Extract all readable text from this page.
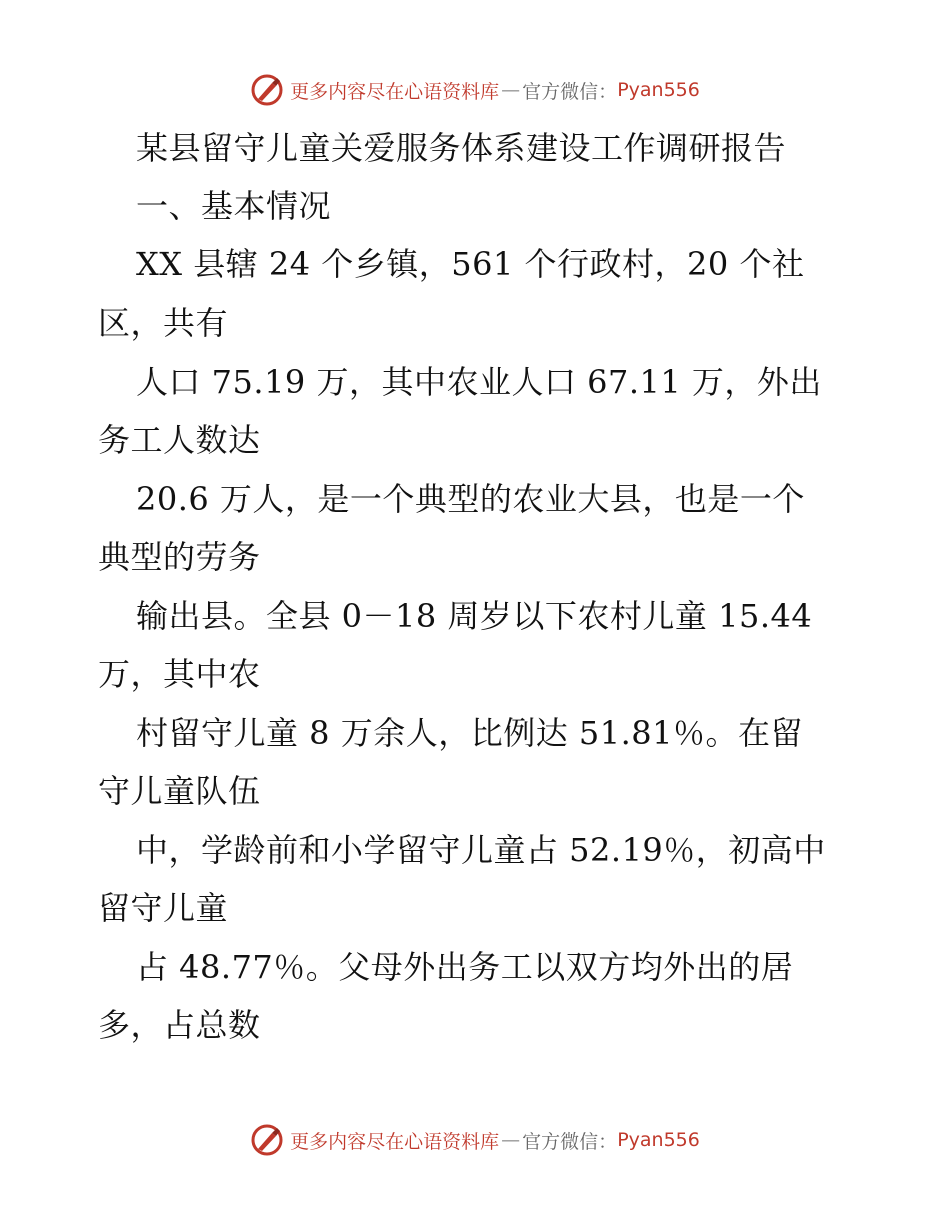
更多内容尽在心语资料库 — 官方微信： Pyan556
某县留守儿童关爱服务体系建设工作调研报告
一、基本情况
XX 县辖 24 个乡镇，561 个行政村，20 个社
区，共有
人口 75.19 万，其中农业人口 67.11 万，外出
务工人数达
20.6 万人，是一个典型的农业大县，也是一个
典型的劳务
输出县。全县 0－18 周岁以下农村儿童 15.44
万，其中农
村留守儿童 8 万余人，比例达 51.81％。在留
守儿童队伍
中，学龄前和小学留守儿童占 52.19％，初高中
留守儿童
占 48.77％。父母外出务工以双方均外出的居
多，占总数
更多内容尽在心语资料库 — 官方微信： Pyan556
